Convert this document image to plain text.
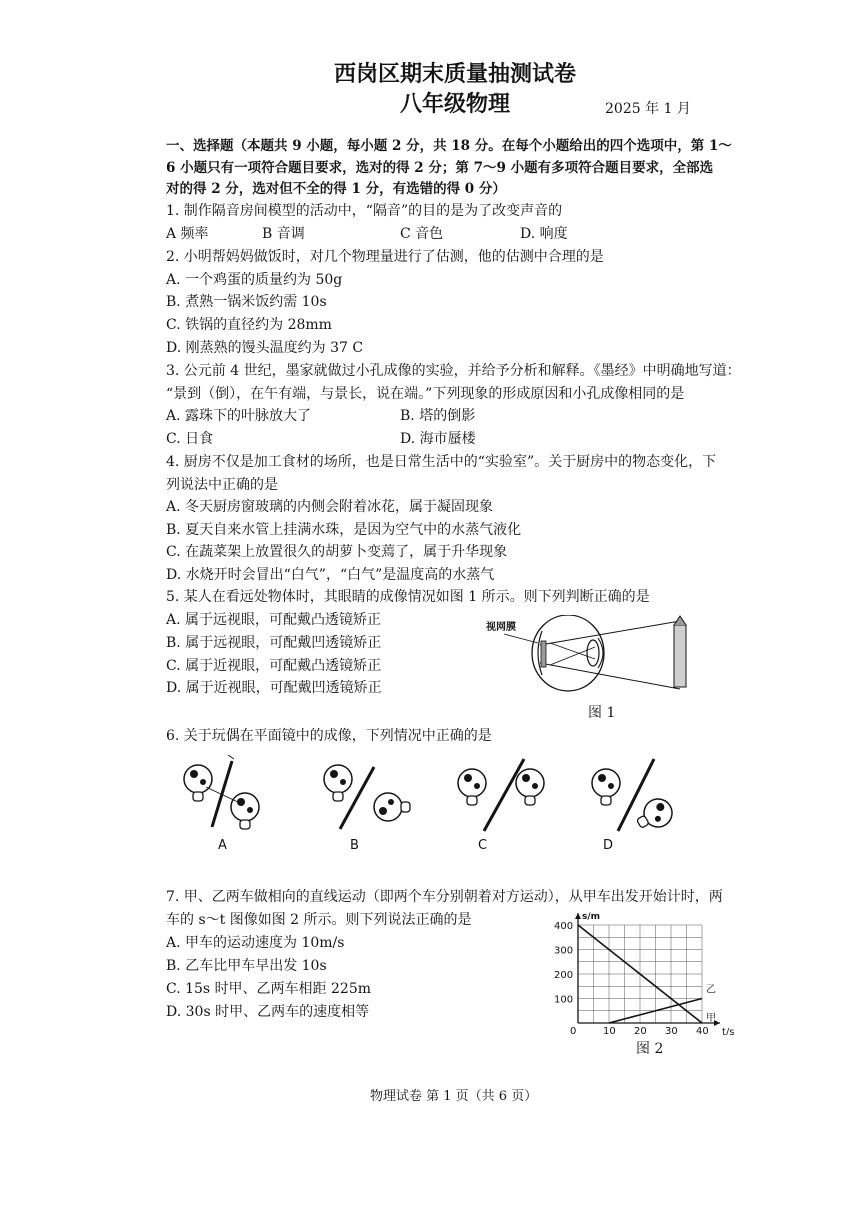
西岗区期末质量抽测试卷
八年级物理	2025 年 1 月
一、选择题（本题共 9 小题，每小题 2 分，共 18 分。在每个小题给出的四个选项中，第 1～
6 小题只有一项符合题目要求，选对的得 2 分；第 7～9 小题有多项符合题目要求，全部选
对的得 2 分，选对但不全的得 1 分，有选错的得 0 分）
1. 制作隔音房间模型的活动中，“隔音”的目的是为了改变声音的
A 频率	B 音调	C 音色	D. 响度
2. 小明帮妈妈做饭时，对几个物理量进行了估测，他的估测中合理的是
A. 一个鸡蛋的质量约为 50g
B. 煮熟一锅米饭约需 10s
C. 铁锅的直径约为 28mm
D. 刚蒸熟的馒头温度约为 37 C
3. 公元前 4 世纪，墨家就做过小孔成像的实验，并给予分析和解释。《墨经》中明确地写道：
“景到（倒），在午有端，与景长，说在端。”下列现象的形成原因和小孔成像相同的是
A. 露珠下的叶脉放大了	B. 塔的倒影
C. 日食	D. 海市蜃楼
4. 厨房不仅是加工食材的场所，也是日常生活中的“实验室”。关于厨房中的物态变化，下
列说法中正确的是
A. 冬天厨房窗玻璃的内侧会附着冰花，属于凝固现象
B. 夏天自来水管上挂满水珠，是因为空气中的水蒸气液化
C. 在蔬菜架上放置很久的胡萝卜变蔫了，属于升华现象
D. 水烧开时会冒出“白气”，“白气”是温度高的水蒸气
5. 某人在看远处物体时，其眼睛的成像情况如图 1 所示。则下列判断正确的是
A. 属于远视眼，可配戴凸透镜矫正
B. 属于远视眼，可配戴凹透镜矫正
C. 属于近视眼，可配戴凸透镜矫正
D. 属于近视眼，可配戴凹透镜矫正
视网膜
图 1
6. 关于玩偶在平面镜中的成像，下列情况中正确的是
A	B	C	D
7. 甲、乙两车做相向的直线运动（即两个车分别朝着对方运动），从甲车出发开始计时，两
车的 s～t 图像如图 2 所示。则下列说法正确的是
A. 甲车的运动速度为 10m/s
B. 乙车比甲车早出发 10s
C. 15s 时甲、乙两车相距 225m
D. 30s 时甲、乙两车的速度相等
0	10 20 30 40
100
200
300
400
s/m
t/s
甲
乙
图 2
物理试卷 第 1 页（共 6 页）
